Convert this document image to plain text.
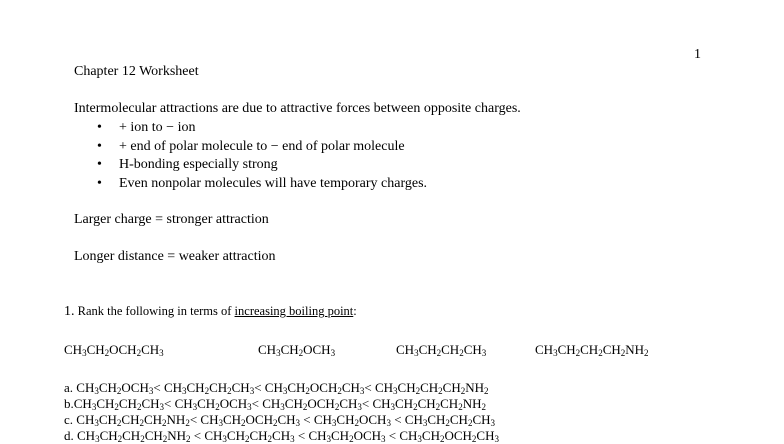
1
Chapter 12 Worksheet
Intermolecular attractions are due to attractive forces between opposite charges.
• + ion to − ion
• + end of polar molecule to − end of polar molecule
• H-bonding especially strong
• Even nonpolar molecules will have temporary charges.
Larger charge = stronger attraction
Longer distance = weaker attraction
1. Rank the following in terms of increasing boiling point:
$CH_3CH_2OCH_2CH_3$	$CH_3CH_2OCH_3$	$CH_3CH_2CH_2CH_3$	$CH_3CH_2CH_2CH_2NH_2$
a. $CH_3CH_2OCH_3< CH_3CH_2CH_2CH_3< CH_3CH_2OCH_2CH_3< CH_3CH_2CH_2CH_2NH_2$
$b.CH_3CH_2CH_2CH_3< CH_3CH_2OCH_3< CH_3CH_2OCH_2CH_3< CH_3CH_2CH_2CH_2NH_2$
c. $CH_3CH_2CH_2CH_2NH_2< CH_3CH_2OCH_2CH_3 < CH_3CH_2OCH_3 < CH_3CH_2CH_2CH_3$
d. $CH_3CH_2CH_2CH_2NH_2 < CH_3CH_2CH_2CH_3 < CH_3CH_2OCH_3 < CH_3CH_2OCH_2CH_3$
